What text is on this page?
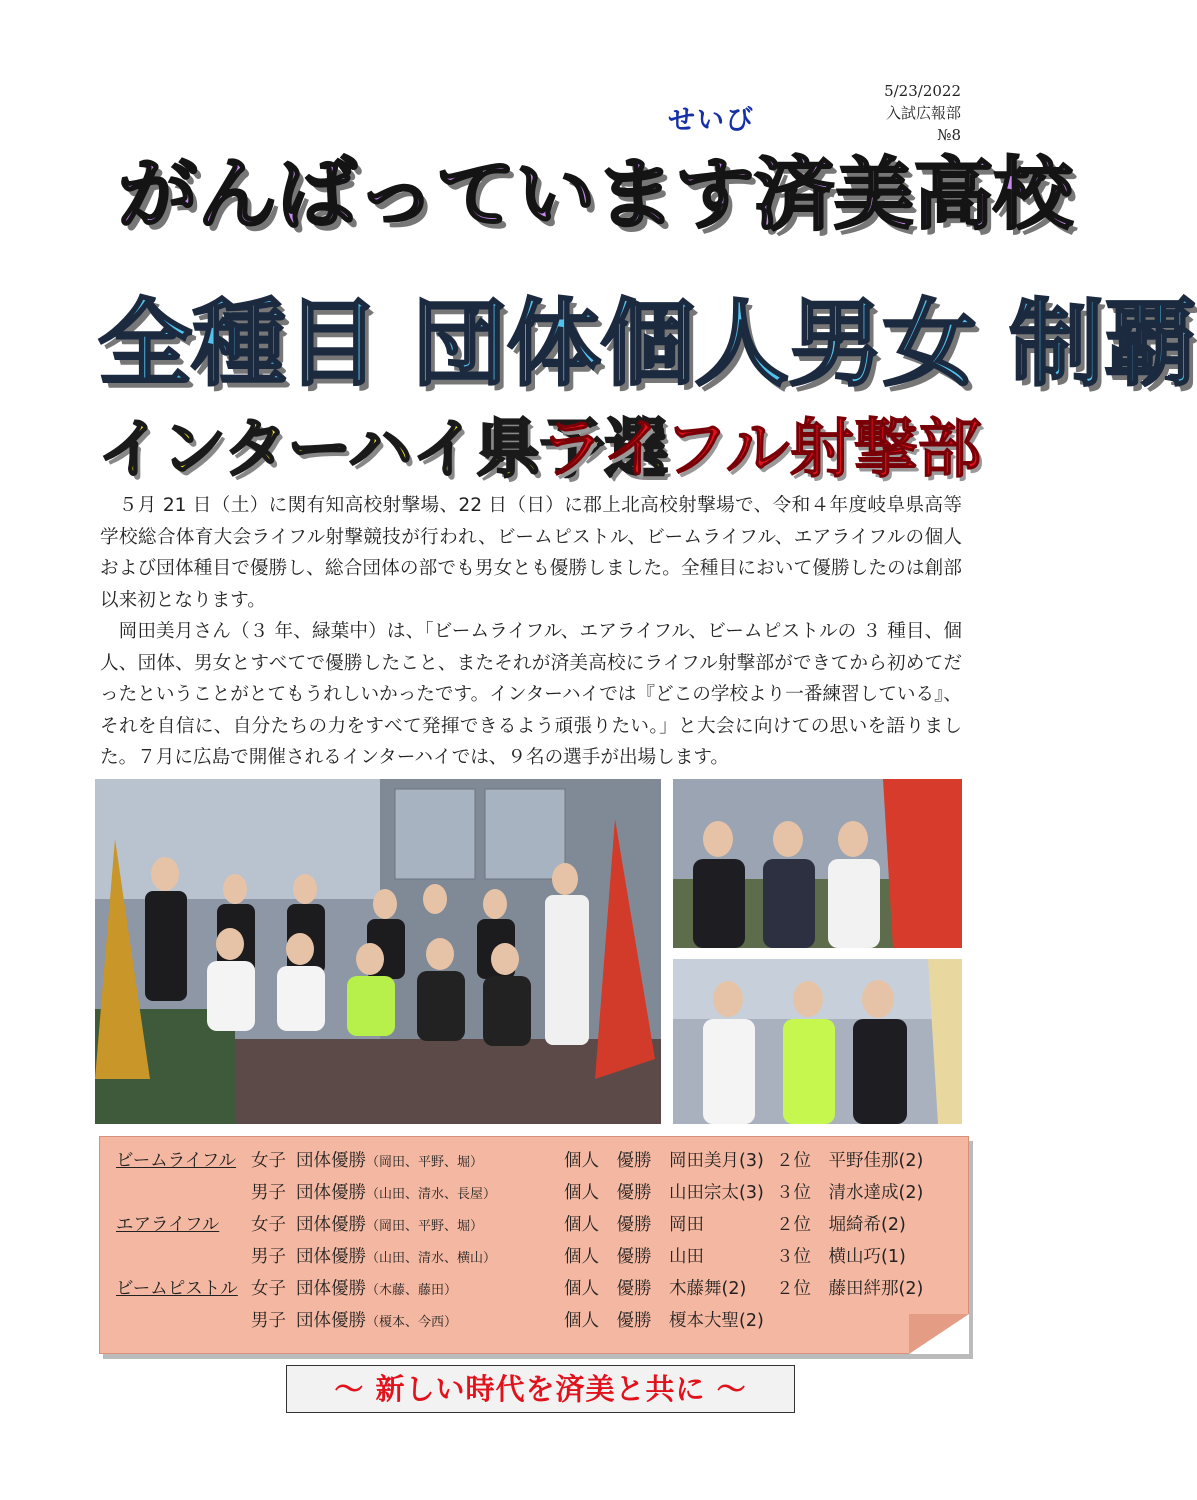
5/23/2022
入試広報部
№8
せいび
がんばっています済美高校
全種目 団体個人男女 制覇
インターハイ県予選
ライフル射撃部

５月 21 日（土）に関有知高校射撃場、22 日（日）に郡上北高校射撃場で、令和４年度岐阜県高等学校総合体育大会ライフル射撃競技が行われ、ビームピストル、ビームライフル、エアライフルの個人および団体種目で優勝し、総合団体の部でも男女とも優勝しました。全種目において優勝したのは創部以来初となります。

岡田美月さん（３ 年、緑葉中）は、「ビームライフル、エアライフル、ビームピストルの ３ 種目、個人、団体、男女とすべてで優勝したこと、またそれが済美高校にライフル射撃部ができてから初めてだったということがとてもうれしいかったです。インターハイでは『どこの学校より一番練習している』、それを自信に、自分たちの力をすべて発揮できるよう頑張りたい。」と大会に向けての思いを語りました。７月に広島で開催されるインターハイでは、９名の選手が出場します。

ビームライフル 女子 団体優勝（岡田、平野、堀）	個人　優勝　岡田美月(3) ２位　平野佳那(2)
男子 団体優勝（山田、清水、長屋）	個人　優勝　山田宗太(3) ３位　清水達成(2)
エアライフル	女子 団体優勝（岡田、平野、堀）	個人　優勝　岡田	２位　堀綺希(2)
男子 団体優勝（山田、清水、横山）	個人　優勝　山田	３位　横山巧(1)
ビームピストル 女子 団体優勝（木藤、藤田）	個人　優勝　木藤舞(2) ２位　藤田絆那(2)
男子 団体優勝（榎本、今西）	個人　優勝　榎本大聖(2)
～ 新しい時代を済美と共に ～
